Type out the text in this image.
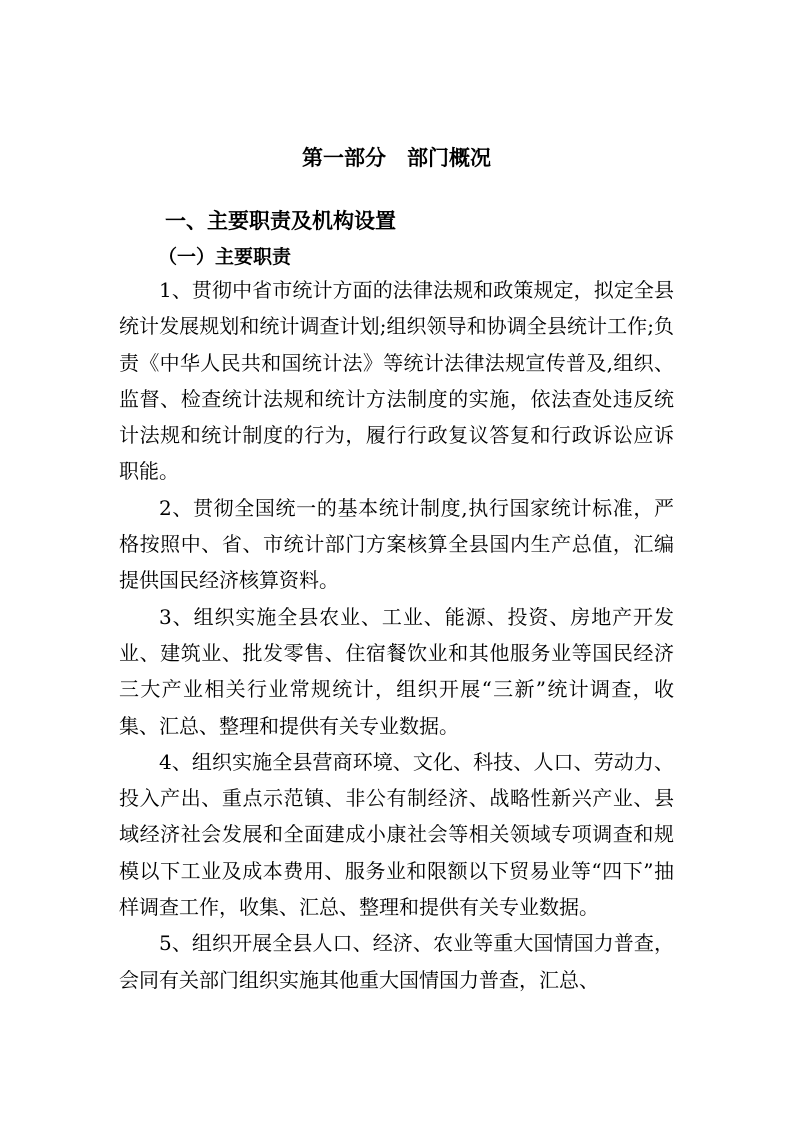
第一部分　部门概况
一、主要职责及机构设置
（一）主要职责

1、贯彻中省市统计方面的法律法规和政策规定，拟定全县统计发展规划和统计调查计划;组织领导和协调全县统计工作;负责《中华人民共和国统计法》等统计法律法规宣传普及,组织、监督、检查统计法规和统计方法制度的实施，依法查处违反统计法规和统计制度的行为，履行行政复议答复和行政诉讼应诉职能。

2、贯彻全国统一的基本统计制度,执行国家统计标准，严格按照中、省、市统计部门方案核算全县国内生产总值，汇编提供国民经济核算资料。

3、组织实施全县农业、工业、能源、投资、房地产开发业、建筑业、批发零售、住宿餐饮业和其他服务业等国民经济三大产业相关行业常规统计，组织开展“三新”统计调查，收集、汇总、整理和提供有关专业数据。

4、组织实施全县营商环境、文化、科技、人口、劳动力、投入产出、重点示范镇、非公有制经济、战略性新兴产业、县域经济社会发展和全面建成小康社会等相关领域专项调查和规模以下工业及成本费用、服务业和限额以下贸易业等“四下”抽样调查工作，收集、汇总、整理和提供有关专业数据。

5、组织开展全县人口、经济、农业等重大国情国力普查，会同有关部门组织实施其他重大国情国力普查，汇总、
